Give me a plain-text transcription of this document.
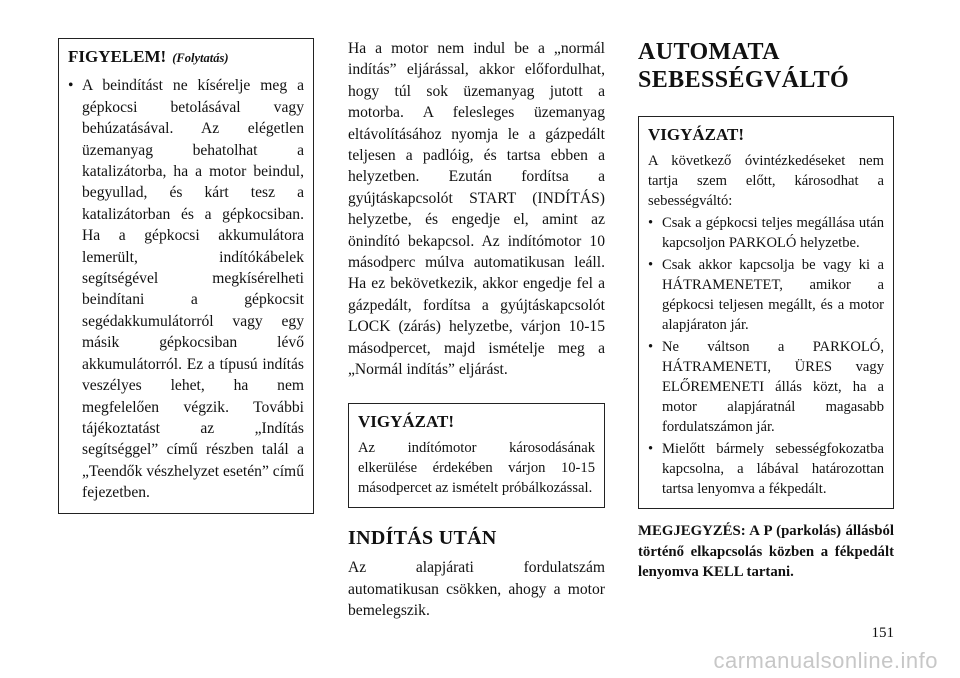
FIGYELEM! (Folytatás)
• A beindítást ne kísérelje meg a gépkocsi betolásával vagy behúzatásával. Az elégetlen üzemanyag behatolhat a katalizátorba, ha a motor beindul, begyullad, és kárt tesz a katalizátorban és a gépkocsiban. Ha a gépkocsi akkumulátora lemerült, indítókábelek segítségével megkísérelheti beindítani a gépkocsit segédakkumulátorról vagy egy másik gépkocsiban lévő akkumulátorról. Ez a típusú indítás veszélyes lehet, ha nem megfelelően végzik. További tájékoztatást az „Indítás segítséggel” című részben talál a „Teendők vészhelyzet esetén” című fejezetben.

Ha a motor nem indul be a „normál indítás” eljárással, akkor előfordulhat, hogy túl sok üzemanyag jutott a motorba. A felesleges üzemanyag eltávolításához nyomja le a gázpedált teljesen a padlóig, és tartsa ebben a helyzetben. Ezután fordítsa a gyújtáskapcsolót START (INDÍTÁS) helyzetbe, és engedje el, amint az önindító bekapcsol. Az indítómotor 10 másodperc múlva automatikusan leáll. Ha ez bekövetkezik, akkor engedje fel a gázpedált, fordítsa a gyújtáskapcsolót LOCK (zárás) helyzetbe, várjon 10-15 másodpercet, majd ismételje meg a „Normál indítás” eljárást.

VIGYÁZAT!

Az indítómotor károsodásának elkerülése érdekében várjon 10-15 másodpercet az ismételt próbálkozással.

INDÍTÁS UTÁN

Az alapjárati fordulatszám automatikusan csökken, ahogy a motor bemelegszik.

AUTOMATA
SEBESSÉGVÁLTÓ
VIGYÁZAT!

A következő óvintézkedéseket nem tartja szem előtt, károsodhat a sebességváltó:

• Csak a gépkocsi teljes megállása után kapcsoljon PARKOLÓ helyzetbe.
• Csak akkor kapcsolja be vagy ki a HÁTRAMENETET, amikor a gépkocsi teljesen megállt, és a motor alapjáraton jár.
• Ne váltson a PARKOLÓ, HÁTRAMENETI, ÜRES vagy ELŐREMENETI állás közt, ha a motor alapjáratnál magasabb fordulatszámon jár.
• Mielőtt bármely sebességfokozatba kapcsolna, a lábával határozottan tartsa lenyomva a fékpedált.

MEGJEGYZÉS: A P (parkolás) állásból történő elkapcsolás közben a fékpedált lenyomva KELL tartani.

151
carmanualsonline.info
